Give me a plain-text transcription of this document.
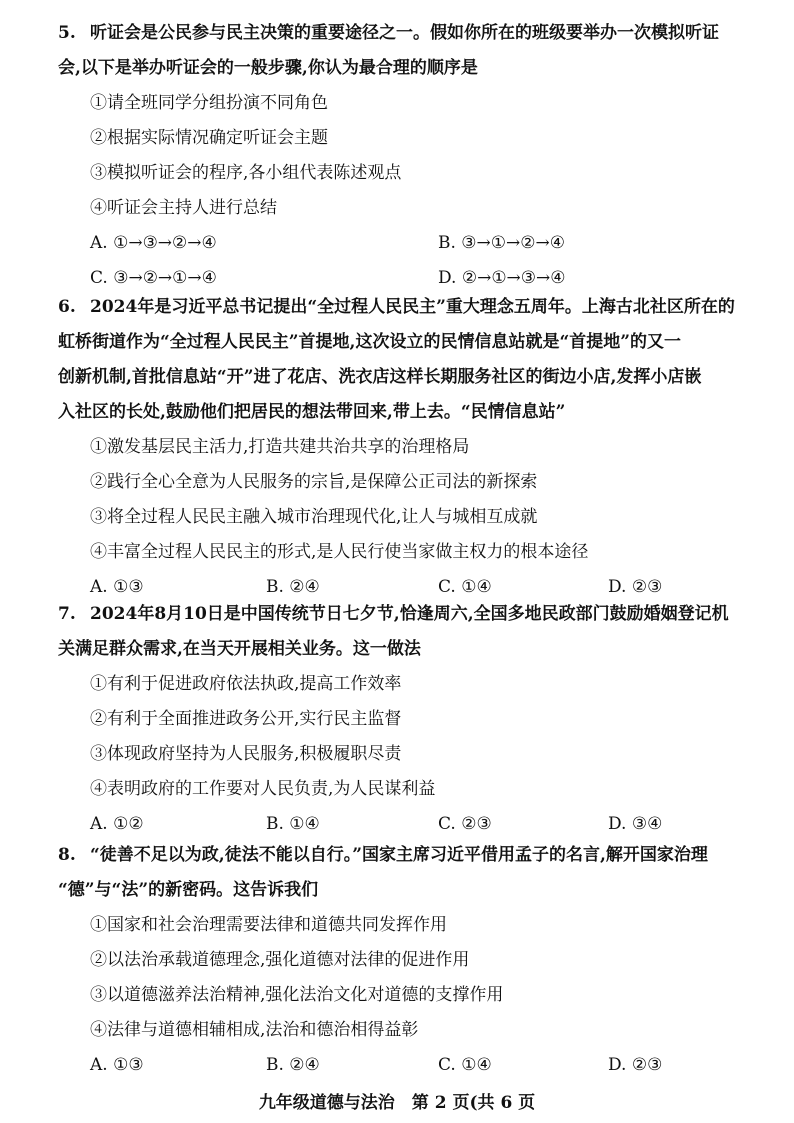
5. 听证会是公民参与民主决策的重要途径之一。假如你所在的班级要举办一次模拟听证

会,以下是举办听证会的一般步骤,你认为最合理的顺序是

①请全班同学分组扮演不同角色

②根据实际情况确定听证会主题

③模拟听证会的程序,各小组代表陈述观点

④听证会主持人进行总结

A. ①→③→②→④	B. ③→①→②→④
C. ③→②→①→④	D. ②→①→③→④

6. 2024年是习近平总书记提出“全过程人民民主”重大理念五周年。上海古北社区所在的

虹桥街道作为“全过程人民民主”首提地,这次设立的民情信息站就是“首提地”的又一

创新机制,首批信息站“开”进了花店、洗衣店这样长期服务社区的街边小店,发挥小店嵌

入社区的长处,鼓励他们把居民的想法带回来,带上去。“民情信息站”

①激发基层民主活力,打造共建共治共享的治理格局

②践行全心全意为人民服务的宗旨,是保障公正司法的新探索

③将全过程人民民主融入城市治理现代化,让人与城相互成就

④丰富全过程人民民主的形式,是人民行使当家做主权力的根本途径

A. ①③	B. ②④	C. ①④	D. ②③

7. 2024年8月10日是中国传统节日七夕节,恰逢周六,全国多地民政部门鼓励婚姻登记机

关满足群众需求,在当天开展相关业务。这一做法

①有利于促进政府依法执政,提高工作效率

②有利于全面推进政务公开,实行民主监督

③体现政府坚持为人民服务,积极履职尽责

④表明政府的工作要对人民负责,为人民谋利益

A. ①②	B. ①④	C. ②③	D. ③④

8. “徒善不足以为政,徒法不能以自行。”国家主席习近平借用孟子的名言,解开国家治理

“德”与“法”的新密码。这告诉我们

①国家和社会治理需要法律和道德共同发挥作用

②以法治承载道德理念,强化道德对法律的促进作用

③以道德滋养法治精神,强化法治文化对道德的支撑作用

④法律与道德相辅相成,法治和德治相得益彰

A. ①③	B. ②④	C. ①④	D. ②③
九年级道德与法治　第 2 页(共 6 页
